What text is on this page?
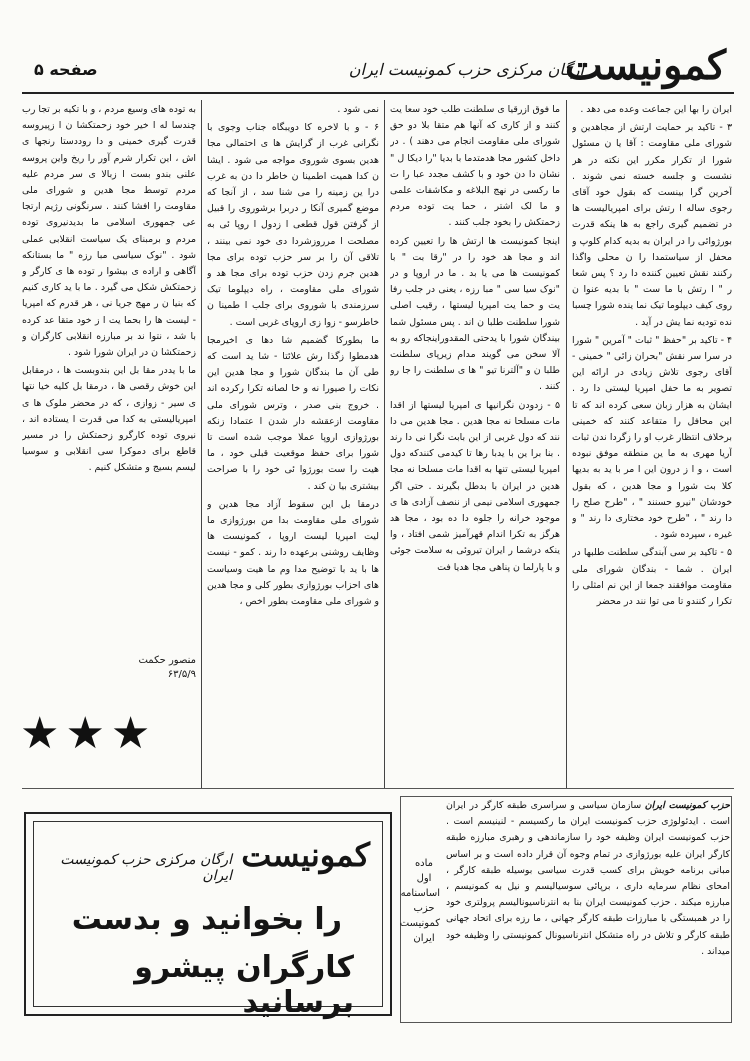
کمونیست
ارگان مرکزی حزب کمونیست ایران
صفحه ۵

ایران را بها این جماعت وعده می دهد .

۳ - تاکید بر حمایت ارتش از مجاهدین و شورای ملی مقاومت : آقا یا ن مسئول شورا از تکرار مکرر این نکته در هر نشست و جلسه خسته نمی شوند . آخرین گرا بینست که بقول خود آقای رجوی ساله ا رتش برای امپریالیست ها در تضمیم گیری راجع به ها ینکه قدرت بورژوائی را در ایران به بدیه کدام کلوپ و محفل از سیاستمدا را ن محلی واگذا رکنند نقش تعیین کننده دا رد ؟ پس شعا ر " ا رتش با ما ست " با بدیه عنوا ن روی کیف دیپلوما تیک نما ینده شورا چسبا نده تودیه نما یش در آید .

۴ - تاکید بر "حفظ " ثبات " آمرین " شورا در سرا سر نقش "بحران زائی " خمینی - آقای رجوی تلاش زیادی در ارائه این تصویر به ما حفل امپریا لیستی دا رد . ایشان به هزار زبان سعی کرده اند که تا این محافل را متقاعد کنند که خمینی برخلاف انتظار غرب او را زگردا ندن ثبات آریا مهری به ما ین منطقه موفق نبوده است ، و ا ز درون این ا مر با ید به بدیها کلا بت شورا و مجا هدین ، که بقول خودشان "نیرو حسنند " ، "طرح صلح را دا رند " ، "طرح خود مختاری دا رند " و غیره ، سپرده شود .

۵ - تاکید بر سی آبندگی سلطنت طلبها در ایران . شما - بندگان شورای ملی مقاومت موافقند جمعا از این نم امثلی را تکرا ر کنندو تا می توا نند در محضر

ما فوق ازرقیا ی سلطنت طلب خود سعا یت کنند و از کاری که آنها هم متقا بلا دو حق شورای ملی مقاومت انجام می دهند ) . در داخل کشور مجا هدمتدما با بدیا "را دیکا ل " نشان دا دن خود و با کشف مجدد عبا را ت ما رکسی در نهج البلاغه و مکاشفات علمی و ما لک اشتر ، حما یت توده مردم زحمتکش را بخود جلب کنند .

اینجا کمونیست ها ارتش ها را تعیین کرده اند و مجا هد خود را در "رقا بت " با کمونیست ها می یا بد . ما در اروپا و در "نوک سیا سی " مبا رزه ، یعنی در جلب رفا یت و حما یت امپریا لیستها ، رقیب اصلی شورا سلطنت طلبا ن اند . پس مسئول شما بیندگان شورا با یدحتی المقدوراینجاکه رو به آلا سخن می گویند مدام زیرپای سلطنت طلبا ن و "آلترنا تیو " ها ی سلطنت را جا رو کنند .

۵ - زدودن نگرانیها ی امپریا لیستها از اقدا مات مسلحا نه مجا هدین . مجا هدین می دا نند که دول غربی از این بابت نگرا نی دا رند . بنا برا ین با یدبا رها تا کیدمی کنندکه دول امپریا لیستی تنها به اقدا مات مسلحا نه مجا هدین در ایران با بدطل بگیرند . حتی اگر جمهوری اسلامی نیمی از ننصف آزادی ها ی موجود خرانه را جلوه دا ده بود ، مجا هد هرگز به تکرا اندام قهرآمیز شمی افتاد ، وا ینکه درشما ر ایران تیروئی به سلامت جوئی و با پارلما ن پناهی مجا هدیا فت

نمی شود .

۶ - و با لاخره کا دویبگاه جناب وجوی با نگرانی غرب از گرایش ها ی احتمالی مجا هدین بسوی شوروی مواجه می شود . ایشا ن کدا همیت اطمینا ن خاطر دا دن به غرب درا ین زمینه را می شنا سد ، از آنجا که موضع گمیری آنکا ر دربرا برشوروی را قبیل از گرفتن قول قطعی ا زدول ا روپا ئی به مصلحت ا مرروزشردا دی خود نمی بینند ، تلاقی آن را بر سر حزب توده برای مجا هدین جرم زدن حزب توده برای مجا هد و شورای ملی مقاومت ، راه دیپلوما تیک سرزمندی با شوروی برای جلب ا طمینا ن خاطرسو - زوا زی اروپای غربی است .

ما بطورکا گضمیم شا دها ی اخیرمجا هدمطوا زگذا رش علائتا - شا ید است که طی آن ما بندگان شورا و مجا هدین این نکات را صیورا نه و خا لصانه تکرا رکرده اند . خروج بنی صدر ، وترس شورای ملی مقاومت ازعقشه دار شدن ا عتمادا زنکه بورژوازی اروپا عملا موجب شده است تا شورا برای حفظ موقعیت قبلی خود ، ما هیت را ست بورژوا ئی خود را با صراحت بیشتری بیا ن کند .

درمقا بل این سقوط آزاد مجا هدین و شورای ملی مقاومت بدا من بورژوازی ما لیت امپریا لیست اروپا ، کمونیست ها وظایف روشنی برعهده دا رند . کمو - نیست ها با ید با توضیح مدا وم ما هیت وسیاست های احزاب بورژوازی بطور کلی و مجا هدین و شورای ملی مقاومت بطور اخص ،

به توده های وسیع مردم ، و با تکیه بر تجا رب چندسا له ا خیر خود زحمتکشا ن ا زپیروسه قدرت گیری خمینی و دا روددستا رنجها ی اش ، این تکرار شرم آور را ریخ واین پروسه علنی بندو بست ا زبالا ی سر مردم علیه مردم توسط مجا هدین و شورای ملی مقاومت را افشا کنند . سرنگونی رژیم ارتجا عی جمهوری اسلامی ما بدیدنیروی توده مردم و برمبنای یک سیاست انقلابی عملی شود . "نوک سیاسی مبا رزه " ما بستانکه آگاهی و اراده ی بیشوا ر توده ها ی کارگر و زحمتکش شکل می گیرد . ما با ید کاری کنیم که بنیا ن ر مهج جریا نی ، هر قدرم که امپریا - لیست ها را بحما یت ا ز خود متقا عد کرده با شد ، نتوا ند بر مبارزه انقلابی کارگران و زحمتکشا ن در ایران شورا شود .

ما با یددر مقا بل این بندوبست ها ، درمقابل این خوش رقصی ها ، درمقا بل کلیه خیا نتها ی سیر - زوازی ، که در محضر ملوک ها ی امپریالیستی به کدا می قدرت ا یستاده اند ، نیروی توده کارگرو زحمتکش را در مسیر قاطع برای دموکرا سی انقلابی و سوسیا لیسم بسیج و متشکل کنیم .

منصور حکمت
۶۳/۵/۹
★★★
کمونیست
ارگان مرکزی حزب کمونیست ایران
را بخوانید و بدست
کارگران پیشرو برسانید
ماده اول اساسنامه حزب کمونیست ایران
حزب کمونیست ایران سازمان سیاسی و سراسری طبقه کارگر در ایران است . ایدئولوژی حزب کمونیست ایران ما رکسیسم - لنینیسم است . حزب کمونیست ایران وظیفه خود را سازماندهی و رهبری مبارزه طبقه کارگر ایران علیه بورژوازی در تمام وجوه آن قرار داده است و بر اساس مبانی برنامه خویش برای کسب قدرت سیاسی بوسیله طبقه کارگر ، امحای نظام سرمایه داری ، برپائی سوسیالیسم و نیل به کمونیسم ، مبارزه میکند . حزب کمونیست ایران بنا به انترناسیونالیسم پرولتری خود را در همبستگی با مبارزات طبقه کارگر جهانی ، ما رزه برای اتحاد جهانی طبقه کارگر و تلاش در راه متشکل انترناسیونال کمونیستی را وظیفه خود میداند .
